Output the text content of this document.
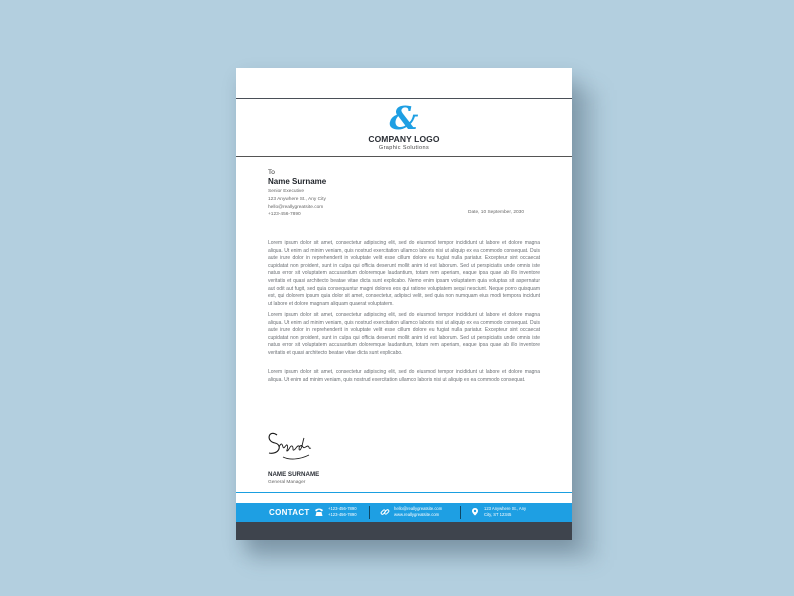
&
COMPANY LOGO
Graphic Solutions
To
Name Surname
Senior Executive
123 Anywhere St., Any City
hello@reallygreatsite.com
+123-456-7890	Date, 10 September, 2030

Lorem ipsum dolor sit amet, consectetur adipiscing elit, sed do eiusmod tempor incididunt ut labore et dolore magna aliqua. Ut enim ad minim veniam, quis nostrud exercitation ullamco laboris nisi ut aliquip ex ea commodo consequat. Duis aute irure dolor in reprehenderit in voluptate velit esse cillum dolore eu fugiat nulla pariatur. Excepteur sint occaecat cupidatat non proident, sunt in culpa qui officia deserunt mollit anim id est laborum. Sed ut perspiciatis unde omnis iste natus error sit voluptatem accusantium doloremque laudantium, totam rem aperiam, eaque ipsa quae ab illo inventore veritatis et quasi architecto beatae vitae dicta sunt explicabo. Nemo enim ipsam voluptatem quia voluptas sit aspernatur aut odit aut fugit, sed quia consequuntur magni dolores eos qui ratione voluptatem sequi nesciunt. Neque porro quisquam est, qui dolorem ipsum quia dolor sit amet, consectetur, adipisci velit, sed quia non numquam eius modi tempora incidunt ut labore et dolore magnam aliquam quaerat voluptatem.

Lorem ipsum dolor sit amet, consectetur adipiscing elit, sed do eiusmod tempor incididunt ut labore et dolore magna aliqua. Ut enim ad minim veniam, quis nostrud exercitation ullamco laboris nisi ut aliquip ex ea commodo consequat. Duis aute irure dolor in reprehenderit in voluptate velit esse cillum dolore eu fugiat nulla pariatur. Excepteur sint occaecat cupidatat non proident, sunt in culpa qui officia deserunt mollit anim id est laborum. Sed ut perspiciatis unde omnis iste natus error sit voluptatem accusantium doloremque laudantium, totam rem aperiam, eaque ipsa quae ab illo inventore veritatis et quasi architecto beatae vitae dicta sunt explicabo.

Lorem ipsum dolor sit amet, consectetur adipiscing elit, sed do eiusmod tempor incididunt ut labore et dolore magna aliqua. Ut enim ad minim veniam, quis nostrud exercitation ullamco laboris nisi ut aliquip ex ea commodo consequat.

NAME SURNAME
General Manager
CONTACT	+123-456-7890
+123-456-7890
hello@reallygreatsite.com
www.reallygreatsite.com
123 Anywhere St., Any
City, ST 12345
